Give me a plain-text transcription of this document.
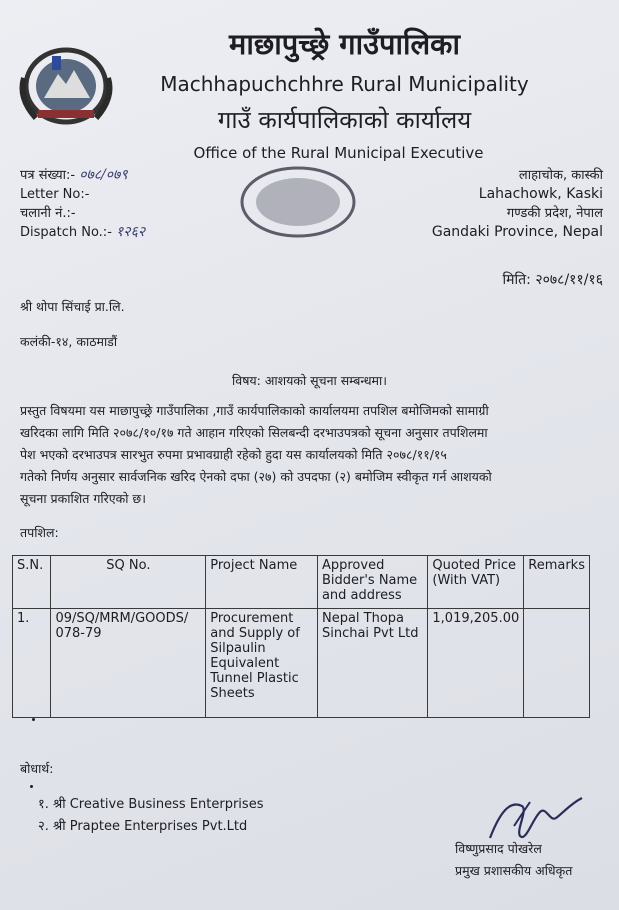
माछापुच्छ्रे गाउँपालिका
Machhapuchchhre Rural Municipality
गाउँ कार्यपालिकाको कार्यालय
Office of the Rural Municipal Executive
पत्र संख्या:- ०७८/०७९
Letter No:-
चलानी नं.:-
Dispatch No.:- १२६२
लाहाचोक, कास्की
Lahachowk, Kaski
गण्डकी प्रदेश, नेपाल
Gandaki Province, Nepal
मिति: २०७८/११/१६
श्री थोपा सिंचाई प्रा.लि.
कलंकी-१४, काठमाडौं
विषय: आशयको सूचना सम्बन्धमा।
प्रस्तुत विषयमा यस माछापुच्छ्रे गाउँपालिका ,गाउँ कार्यपालिकाको कार्यालयमा तपशिल बमोजिमको सामाग्री
खरिदका लागि मिति २०७८/१०/१७ गते आहान गरिएको सिलबन्दी दरभाउपत्रको सूचना अनुसार तपशिलमा
पेश भएको दरभाउपत्र सारभुत रुपमा प्रभावग्राही रहेको हुदा यस कार्यालयको मिति २०७८/११/१५
गतेको निर्णय अनुसार सार्वजनिक खरिद ऐनको दफा (२७) को उपदफा (२) बमोजिम स्वीकृत गर्न आशयको
सूचना प्रकाशित गरिएको छ।
तपशिल:
S.N.	SQ No.	Project Name	Approved Bidder's Name and address	Quoted Price (With VAT)	Remarks
1.	09/SQ/MRM/GOODS/ 078-79	Procurement and Supply of Silpaulin Equivalent Tunnel Plastic Sheets	Nepal Thopa Sinchai Pvt Ltd	1,019,205.00	
बोधार्थ:
१. श्री Creative Business Enterprises
२. श्री Praptee Enterprises Pvt.Ltd
विष्णुप्रसाद पोखरेल
प्रमुख प्रशासकीय अधिकृत
